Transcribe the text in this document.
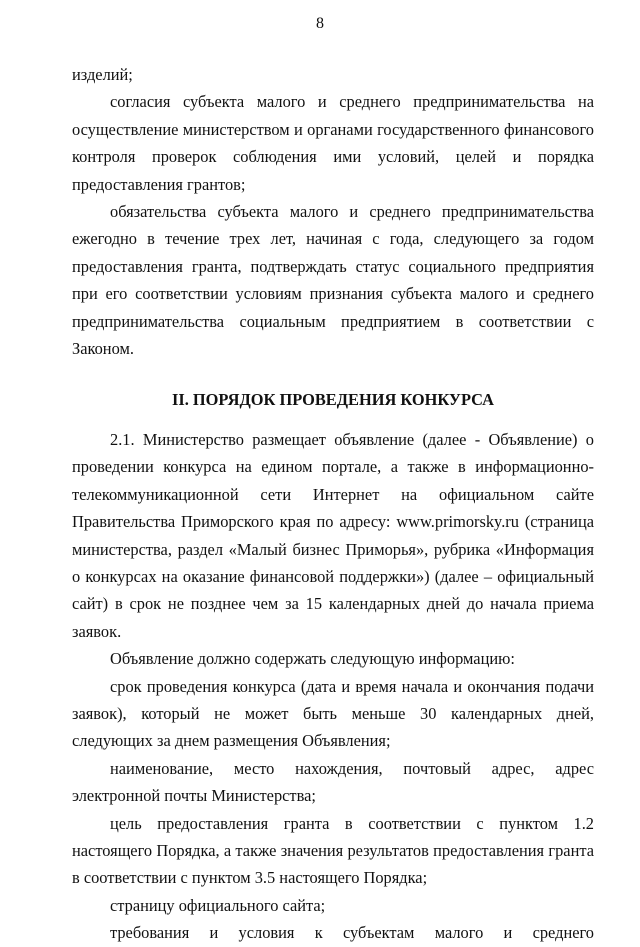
8

изделий;

согласия субъекта малого и среднего предпринимательства на осуществление министерством и органами государственного финансового контроля проверок соблюдения ими условий, целей и порядка предоставления грантов;

обязательства субъекта малого и среднего предпринимательства ежегодно в течение трех лет, начиная с года, следующего за годом предоставления гранта, подтверждать статус социального предприятия при его соответствии условиям признания субъекта малого и среднего предпринимательства социальным предприятием в соответствии с Законом.

II. ПОРЯДОК ПРОВЕДЕНИЯ КОНКУРСА

2.1. Министерство размещает объявление (далее - Объявление) о проведении конкурса на едином портале, а также в информационно-телекоммуникационной сети Интернет на официальном сайте Правительства Приморского края по адресу: www.primorsky.ru (страница министерства, раздел «Малый бизнес Приморья», рубрика «Информация о конкурсах на оказание финансовой поддержки») (далее – официальный сайт) в срок не позднее чем за 15 календарных дней до начала приема заявок.

Объявление должно содержать следующую информацию:

срок проведения конкурса (дата и время начала и окончания подачи заявок), который не может быть меньше 30 календарных дней, следующих за днем размещения Объявления;

наименование, место нахождения, почтовый адрес, адрес электронной почты Министерства;

цель предоставления гранта в соответствии с пунктом 1.2 настоящего Порядка, а также значения результатов предоставления гранта в соответствии с пунктом 3.5 настоящего Порядка;

страницу официального сайта;

требования и условия к субъектам малого и среднего
